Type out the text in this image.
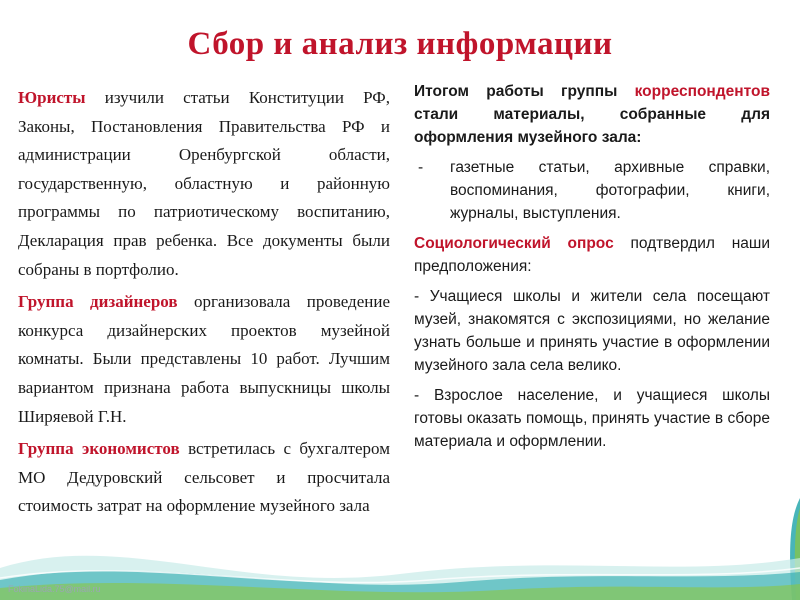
Сбор и анализ информации

Юристы изучили статьи Конституции РФ, Законы, Постановления Правительства РФ и администрации Оренбургской области, государственную, областную и районную программы по патриотическому воспитанию, Декларация прав ребенка. Все документы были собраны в портфолио.

Группа дизайнеров организовала проведение конкурса дизайнерских проектов музейной комнаты. Были представлены 10 работ. Лучшим вариантом признана работа выпускницы школы Ширяевой Г.Н.

Группа экономистов встретилась с бухгалтером МО Дедуровский сельсовет и просчитала стоимость затрат на оформление музейного зала

Итогом работы группы корреспондентов стали материалы, собранные для оформления музейного зала:

-	газетные статьи, архивные справки, воспоминания, фотографии, книги, журналы, выступления.

Социологический опрос подтвердил наши предположения:

- Учащиеся школы и жители села посещают музей, знакомятся с экспозициями, но желание узнать больше и принять участие в оформлении музейного зала села велико.

- Взрослое население, и учащиеся школы готовы оказать помощь, принять участие в сборе материала и оформлении.

FokinaLida.75@mail.ru
